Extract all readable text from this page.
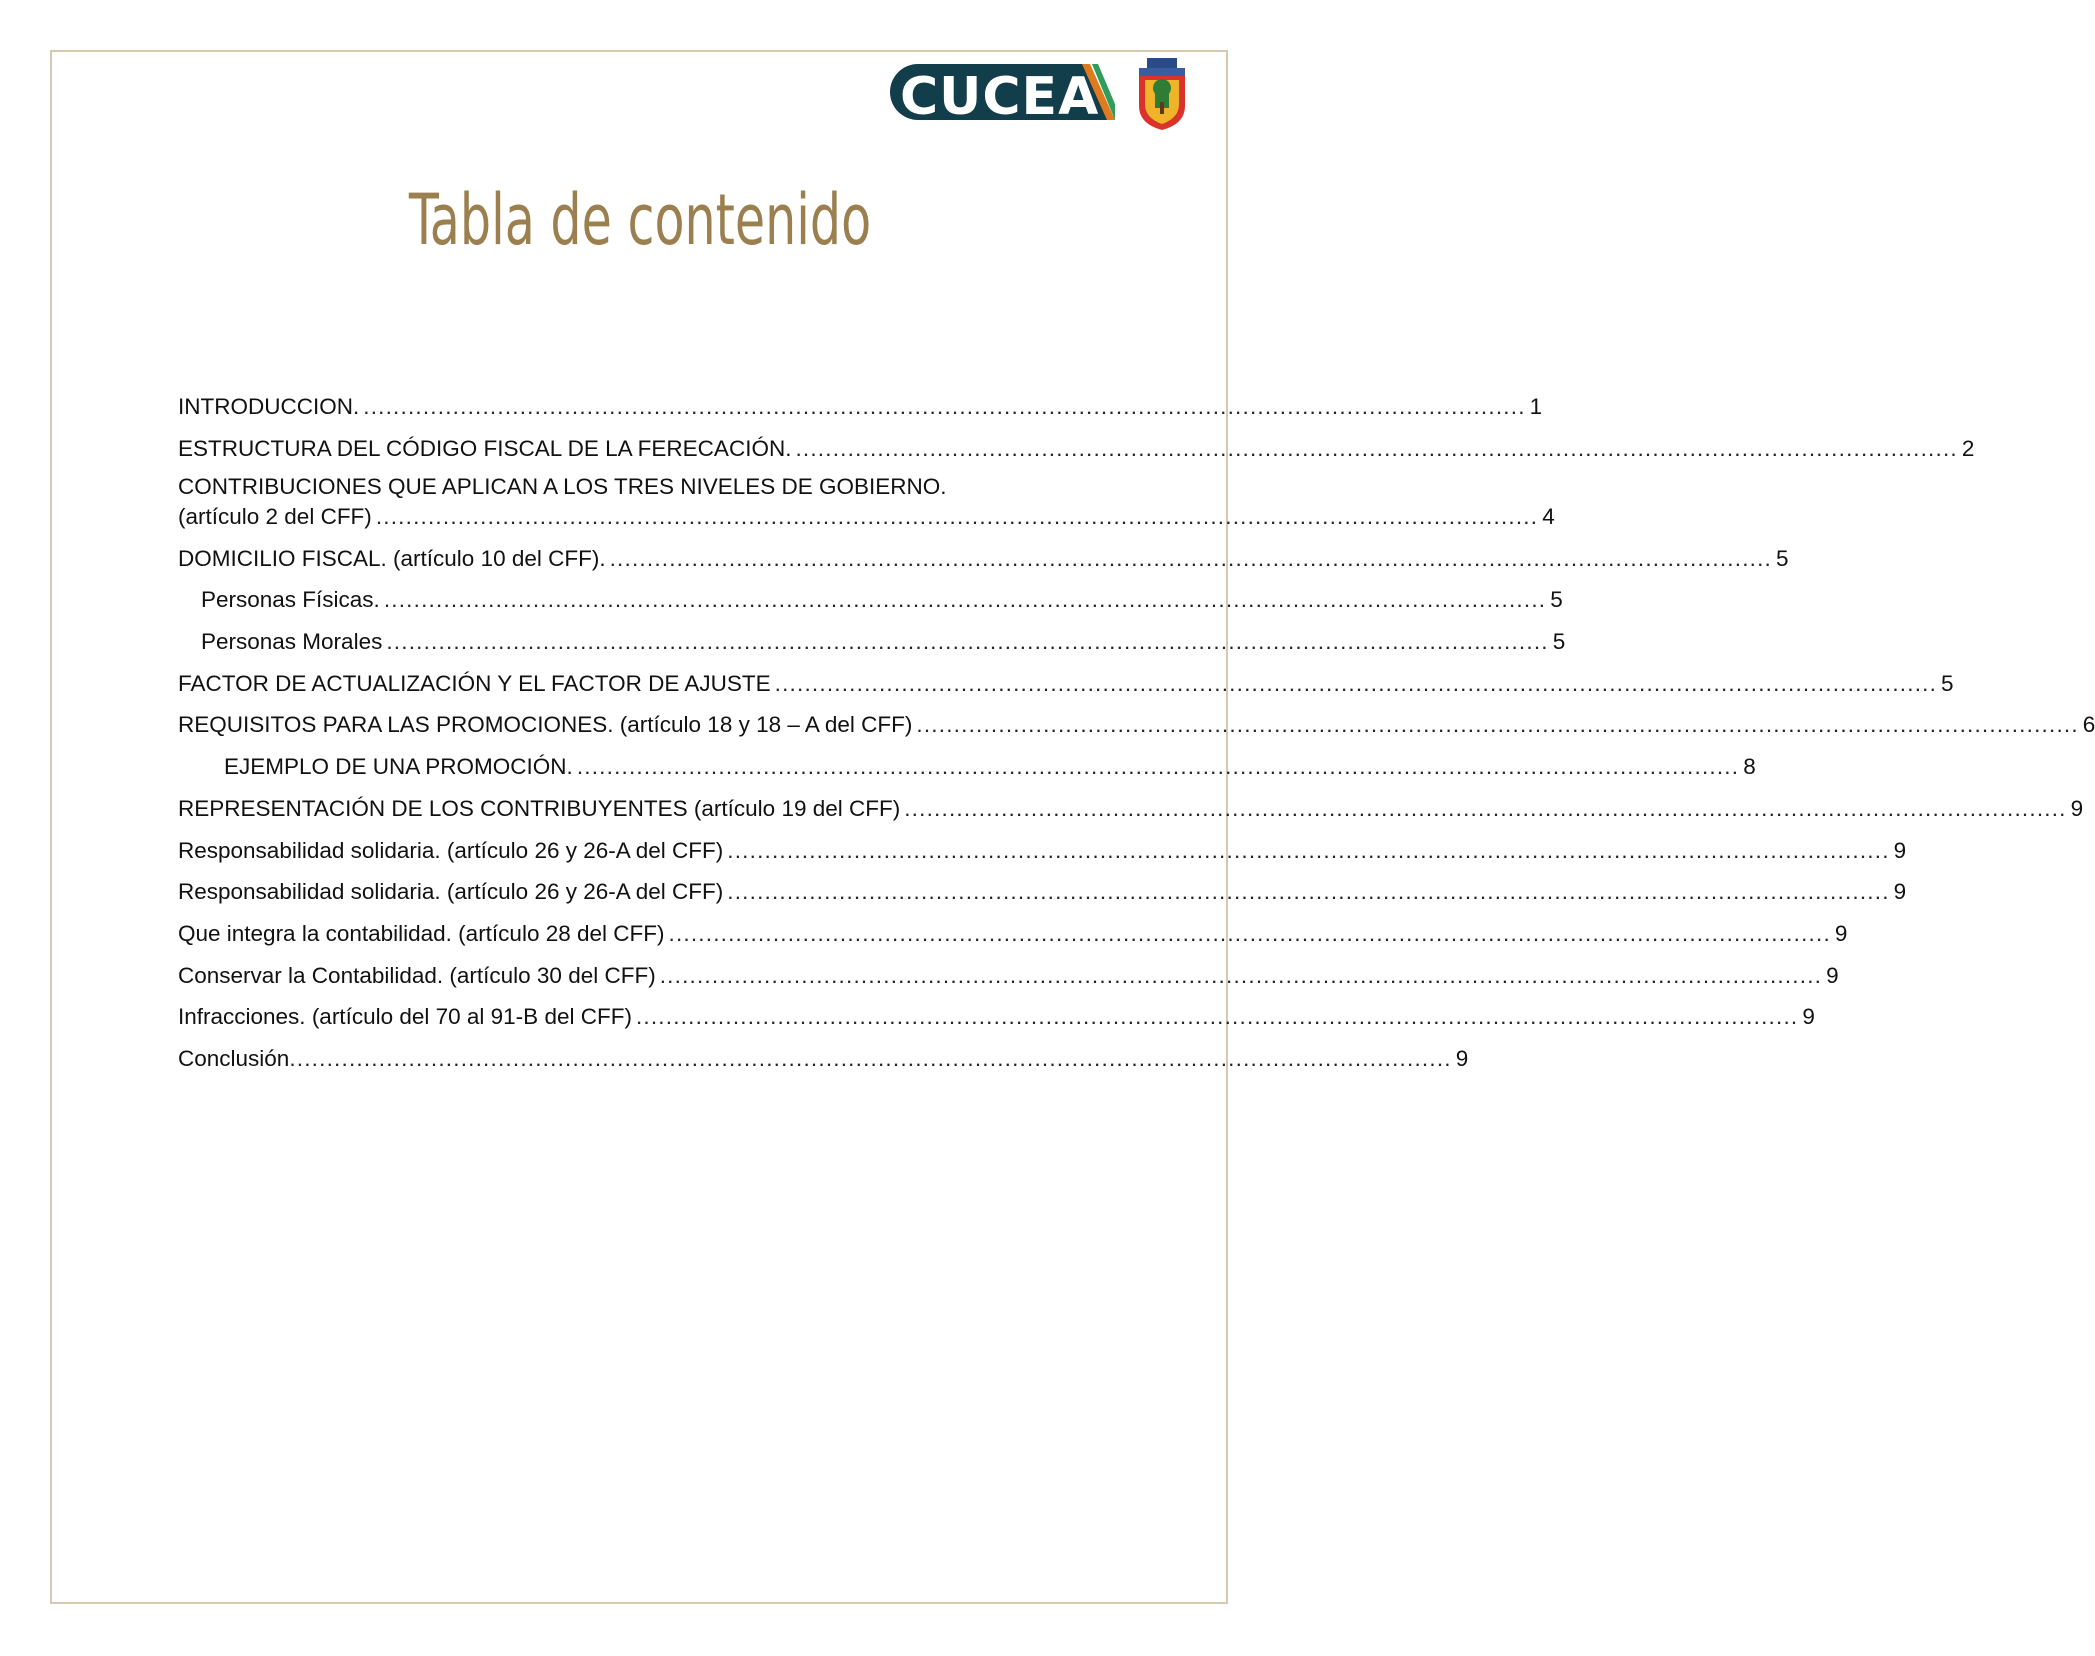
CUCEA
Tabla de contenido
INTRODUCCION. ............................................................................................................................................................ 1
ESTRUCTURA DEL CÓDIGO FISCAL DE LA FERECACIÓN. ............................................................................................................................................................ 2
CONTRIBUCIONES QUE APLICAN A LOS TRES NIVELES DE GOBIERNO.
(artículo 2 del CFF) ............................................................................................................................................................ 4
DOMICILIO FISCAL. (artículo 10 del CFF). ............................................................................................................................................................ 5
Personas Físicas. ............................................................................................................................................................ 5
Personas Morales ............................................................................................................................................................ 5
FACTOR DE ACTUALIZACIÓN Y EL FACTOR DE AJUSTE ............................................................................................................................................................ 5
REQUISITOS PARA LAS PROMOCIONES. (artículo 18 y 18 – A del CFF) ............................................................................................................................................................ 6
EJEMPLO DE UNA PROMOCIÓN. ............................................................................................................................................................ 8
REPRESENTACIÓN DE LOS CONTRIBUYENTES (artículo 19 del CFF) ............................................................................................................................................................ 9
Responsabilidad solidaria. (artículo 26 y 26-A del CFF) ............................................................................................................................................................ 9
Responsabilidad solidaria. (artículo 26 y 26-A del CFF) ............................................................................................................................................................ 9
Que integra la contabilidad. (artículo 28 del CFF) ............................................................................................................................................................ 9
Conservar la Contabilidad. (artículo 30 del CFF) ............................................................................................................................................................ 9
Infracciones. (artículo del 70 al 91-B del CFF) ............................................................................................................................................................ 9
Conclusión ............................................................................................................................................................ 9
